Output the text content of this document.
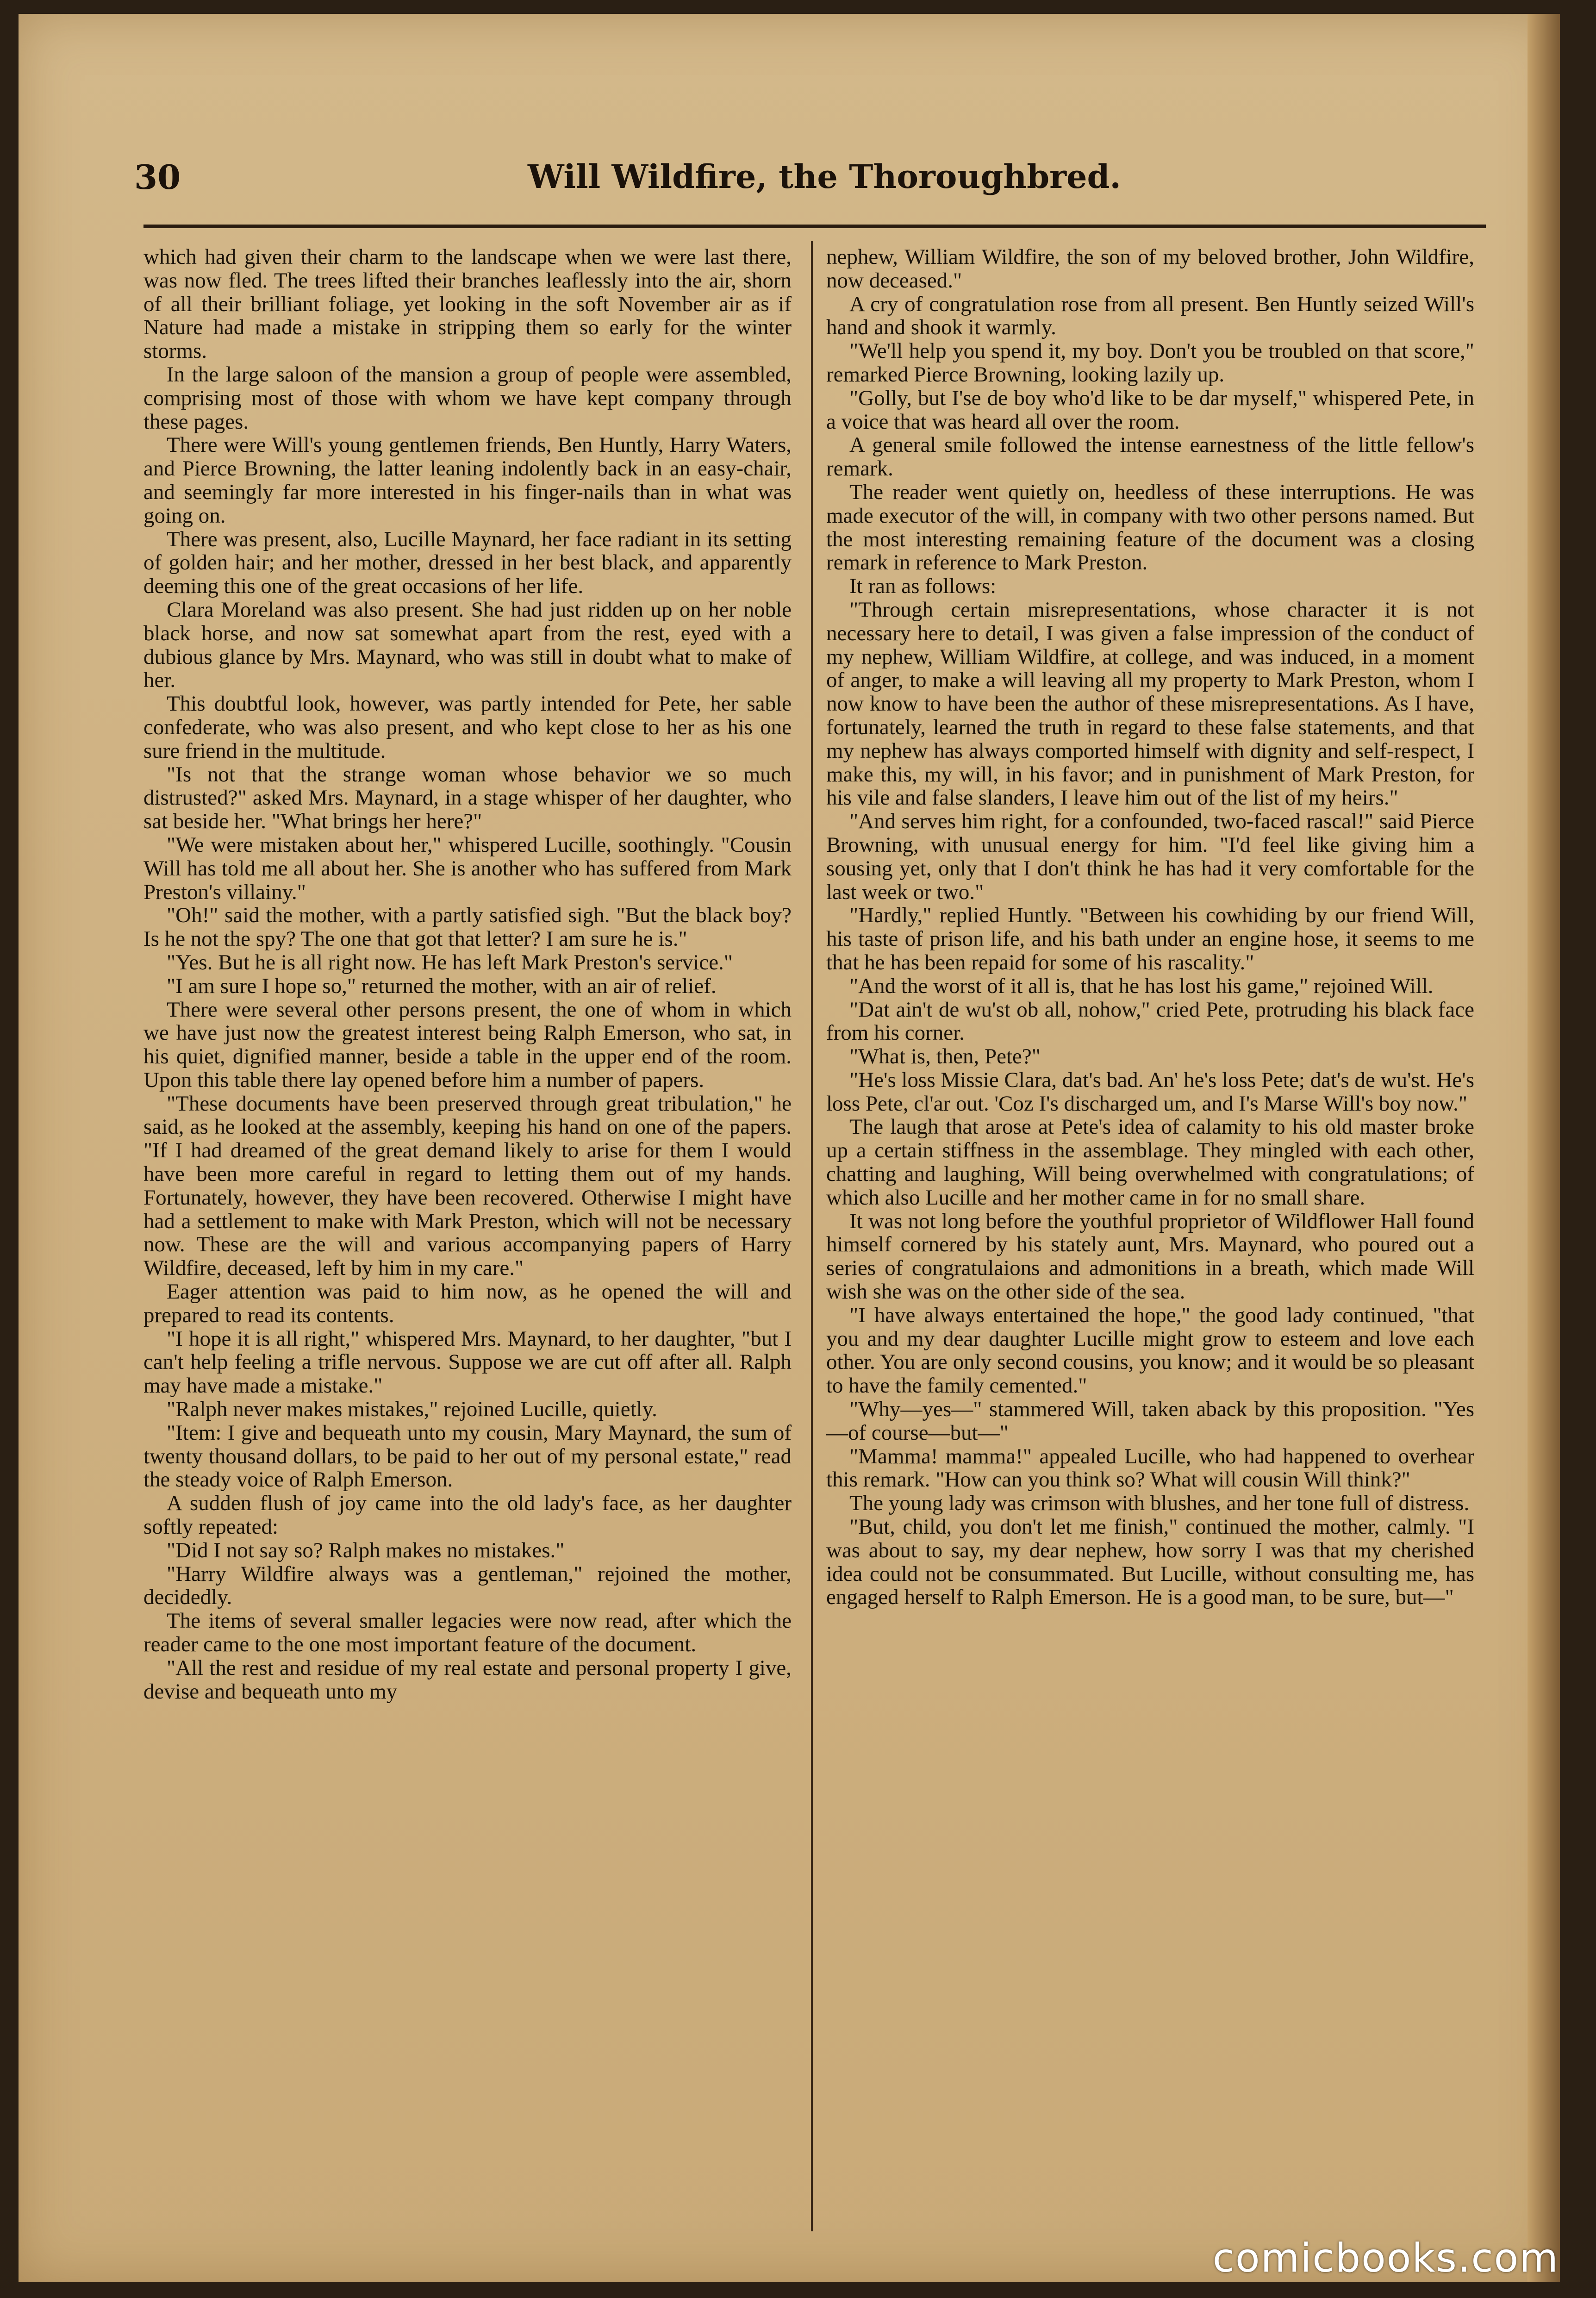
30	Will Wildfire, the Thoroughbred.

which had given their charm to the landscape when we were last there, was now fled. The trees lifted their branches leaflessly into the air, shorn of all their brilliant foliage, yet looking in the soft November air as if Nature had made a mistake in stripping them so early for the winter storms.

In the large saloon of the mansion a group of people were assembled, comprising most of those with whom we have kept company through these pages.

There were Will's young gentlemen friends, Ben Huntly, Harry Waters, and Pierce Browning, the latter leaning indolently back in an easy-chair, and seemingly far more interested in his finger-nails than in what was going on.

There was present, also, Lucille Maynard, her face radiant in its setting of golden hair; and her mother, dressed in her best black, and apparently deeming this one of the great occasions of her life.

Clara Moreland was also present. She had just ridden up on her noble black horse, and now sat somewhat apart from the rest, eyed with a dubious glance by Mrs. Maynard, who was still in doubt what to make of her.

This doubtful look, however, was partly intended for Pete, her sable confederate, who was also present, and who kept close to her as his one sure friend in the multitude.

"Is not that the strange woman whose behavior we so much distrusted?" asked Mrs. Maynard, in a stage whisper of her daughter, who sat beside her. "What brings her here?"

"We were mistaken about her," whispered Lucille, soothingly. "Cousin Will has told me all about her. She is another who has suffered from Mark Preston's villainy."

"Oh!" said the mother, with a partly satisfied sigh. "But the black boy? Is he not the spy? The one that got that letter? I am sure he is."

"Yes. But he is all right now. He has left Mark Preston's service."

"I am sure I hope so," returned the mother, with an air of relief.

There were several other persons present, the one of whom in which we have just now the greatest interest being Ralph Emerson, who sat, in his quiet, dignified manner, beside a table in the upper end of the room. Upon this table there lay opened before him a number of papers.

"These documents have been preserved through great tribulation," he said, as he looked at the assembly, keeping his hand on one of the papers. "If I had dreamed of the great demand likely to arise for them I would have been more careful in regard to letting them out of my hands. Fortunately, however, they have been recovered. Otherwise I might have had a settlement to make with Mark Preston, which will not be necessary now. These are the will and various accompanying papers of Harry Wildfire, deceased, left by him in my care."

Eager attention was paid to him now, as he opened the will and prepared to read its contents.

"I hope it is all right," whispered Mrs. Maynard, to her daughter, "but I can't help feeling a trifle nervous. Suppose we are cut off after all. Ralph may have made a mistake."

"Ralph never makes mistakes," rejoined Lucille, quietly.

"Item: I give and bequeath unto my cousin, Mary Maynard, the sum of twenty thousand dollars, to be paid to her out of my personal estate," read the steady voice of Ralph Emerson.

A sudden flush of joy came into the old lady's face, as her daughter softly repeated:

"Did I not say so? Ralph makes no mistakes."

"Harry Wildfire always was a gentleman," rejoined the mother, decidedly.

The items of several smaller legacies were now read, after which the reader came to the one most important feature of the document.

"All the rest and residue of my real estate and personal property I give, devise and bequeath unto my

nephew, William Wildfire, the son of my beloved brother, John Wildfire, now deceased."

A cry of congratulation rose from all present. Ben Huntly seized Will's hand and shook it warmly.

"We'll help you spend it, my boy. Don't you be troubled on that score," remarked Pierce Browning, looking lazily up.

"Golly, but I'se de boy who'd like to be dar myself," whispered Pete, in a voice that was heard all over the room.

A general smile followed the intense earnestness of the little fellow's remark.

The reader went quietly on, heedless of these interruptions. He was made executor of the will, in company with two other persons named. But the most interesting remaining feature of the document was a closing remark in reference to Mark Preston.

It ran as follows:

"Through certain misrepresentations, whose character it is not necessary here to detail, I was given a false impression of the conduct of my nephew, William Wildfire, at college, and was induced, in a moment of anger, to make a will leaving all my property to Mark Preston, whom I now know to have been the author of these misrepresentations. As I have, fortunately, learned the truth in regard to these false statements, and that my nephew has always comported himself with dignity and self-respect, I make this, my will, in his favor; and in punishment of Mark Preston, for his vile and false slanders, I leave him out of the list of my heirs."

"And serves him right, for a confounded, two-faced rascal!" said Pierce Browning, with unusual energy for him. "I'd feel like giving him a sousing yet, only that I don't think he has had it very comfortable for the last week or two."

"Hardly," replied Huntly. "Between his cowhiding by our friend Will, his taste of prison life, and his bath under an engine hose, it seems to me that he has been repaid for some of his rascality."

"And the worst of it all is, that he has lost his game," rejoined Will.

"Dat ain't de wu'st ob all, nohow," cried Pete, protruding his black face from his corner.

"What is, then, Pete?"

"He's loss Missie Clara, dat's bad. An' he's loss Pete; dat's de wu'st. He's loss Pete, cl'ar out. 'Coz I's discharged um, and I's Marse Will's boy now."

The laugh that arose at Pete's idea of calamity to his old master broke up a certain stiffness in the assemblage. They mingled with each other, chatting and laughing, Will being overwhelmed with congratulations; of which also Lucille and her mother came in for no small share.

It was not long before the youthful proprietor of Wildflower Hall found himself cornered by his stately aunt, Mrs. Maynard, who poured out a series of congratulaions and admonitions in a breath, which made Will wish she was on the other side of the sea.

"I have always entertained the hope," the good lady continued, "that you and my dear daughter Lucille might grow to esteem and love each other. You are only second cousins, you know; and it would be so pleasant to have the family cemented."

"Why—yes—" stammered Will, taken aback by this proposition. "Yes—of course—but—"

"Mamma! mamma!" appealed Lucille, who had happened to overhear this remark. "How can you think so? What will cousin Will think?"

The young lady was crimson with blushes, and her tone full of distress.

"But, child, you don't let me finish," continued the mother, calmly. "I was about to say, my dear nephew, how sorry I was that my cherished idea could not be consummated. But Lucille, without consulting me, has engaged herself to Ralph Emerson. He is a good man, to be sure, but—"

comicbooks.com
